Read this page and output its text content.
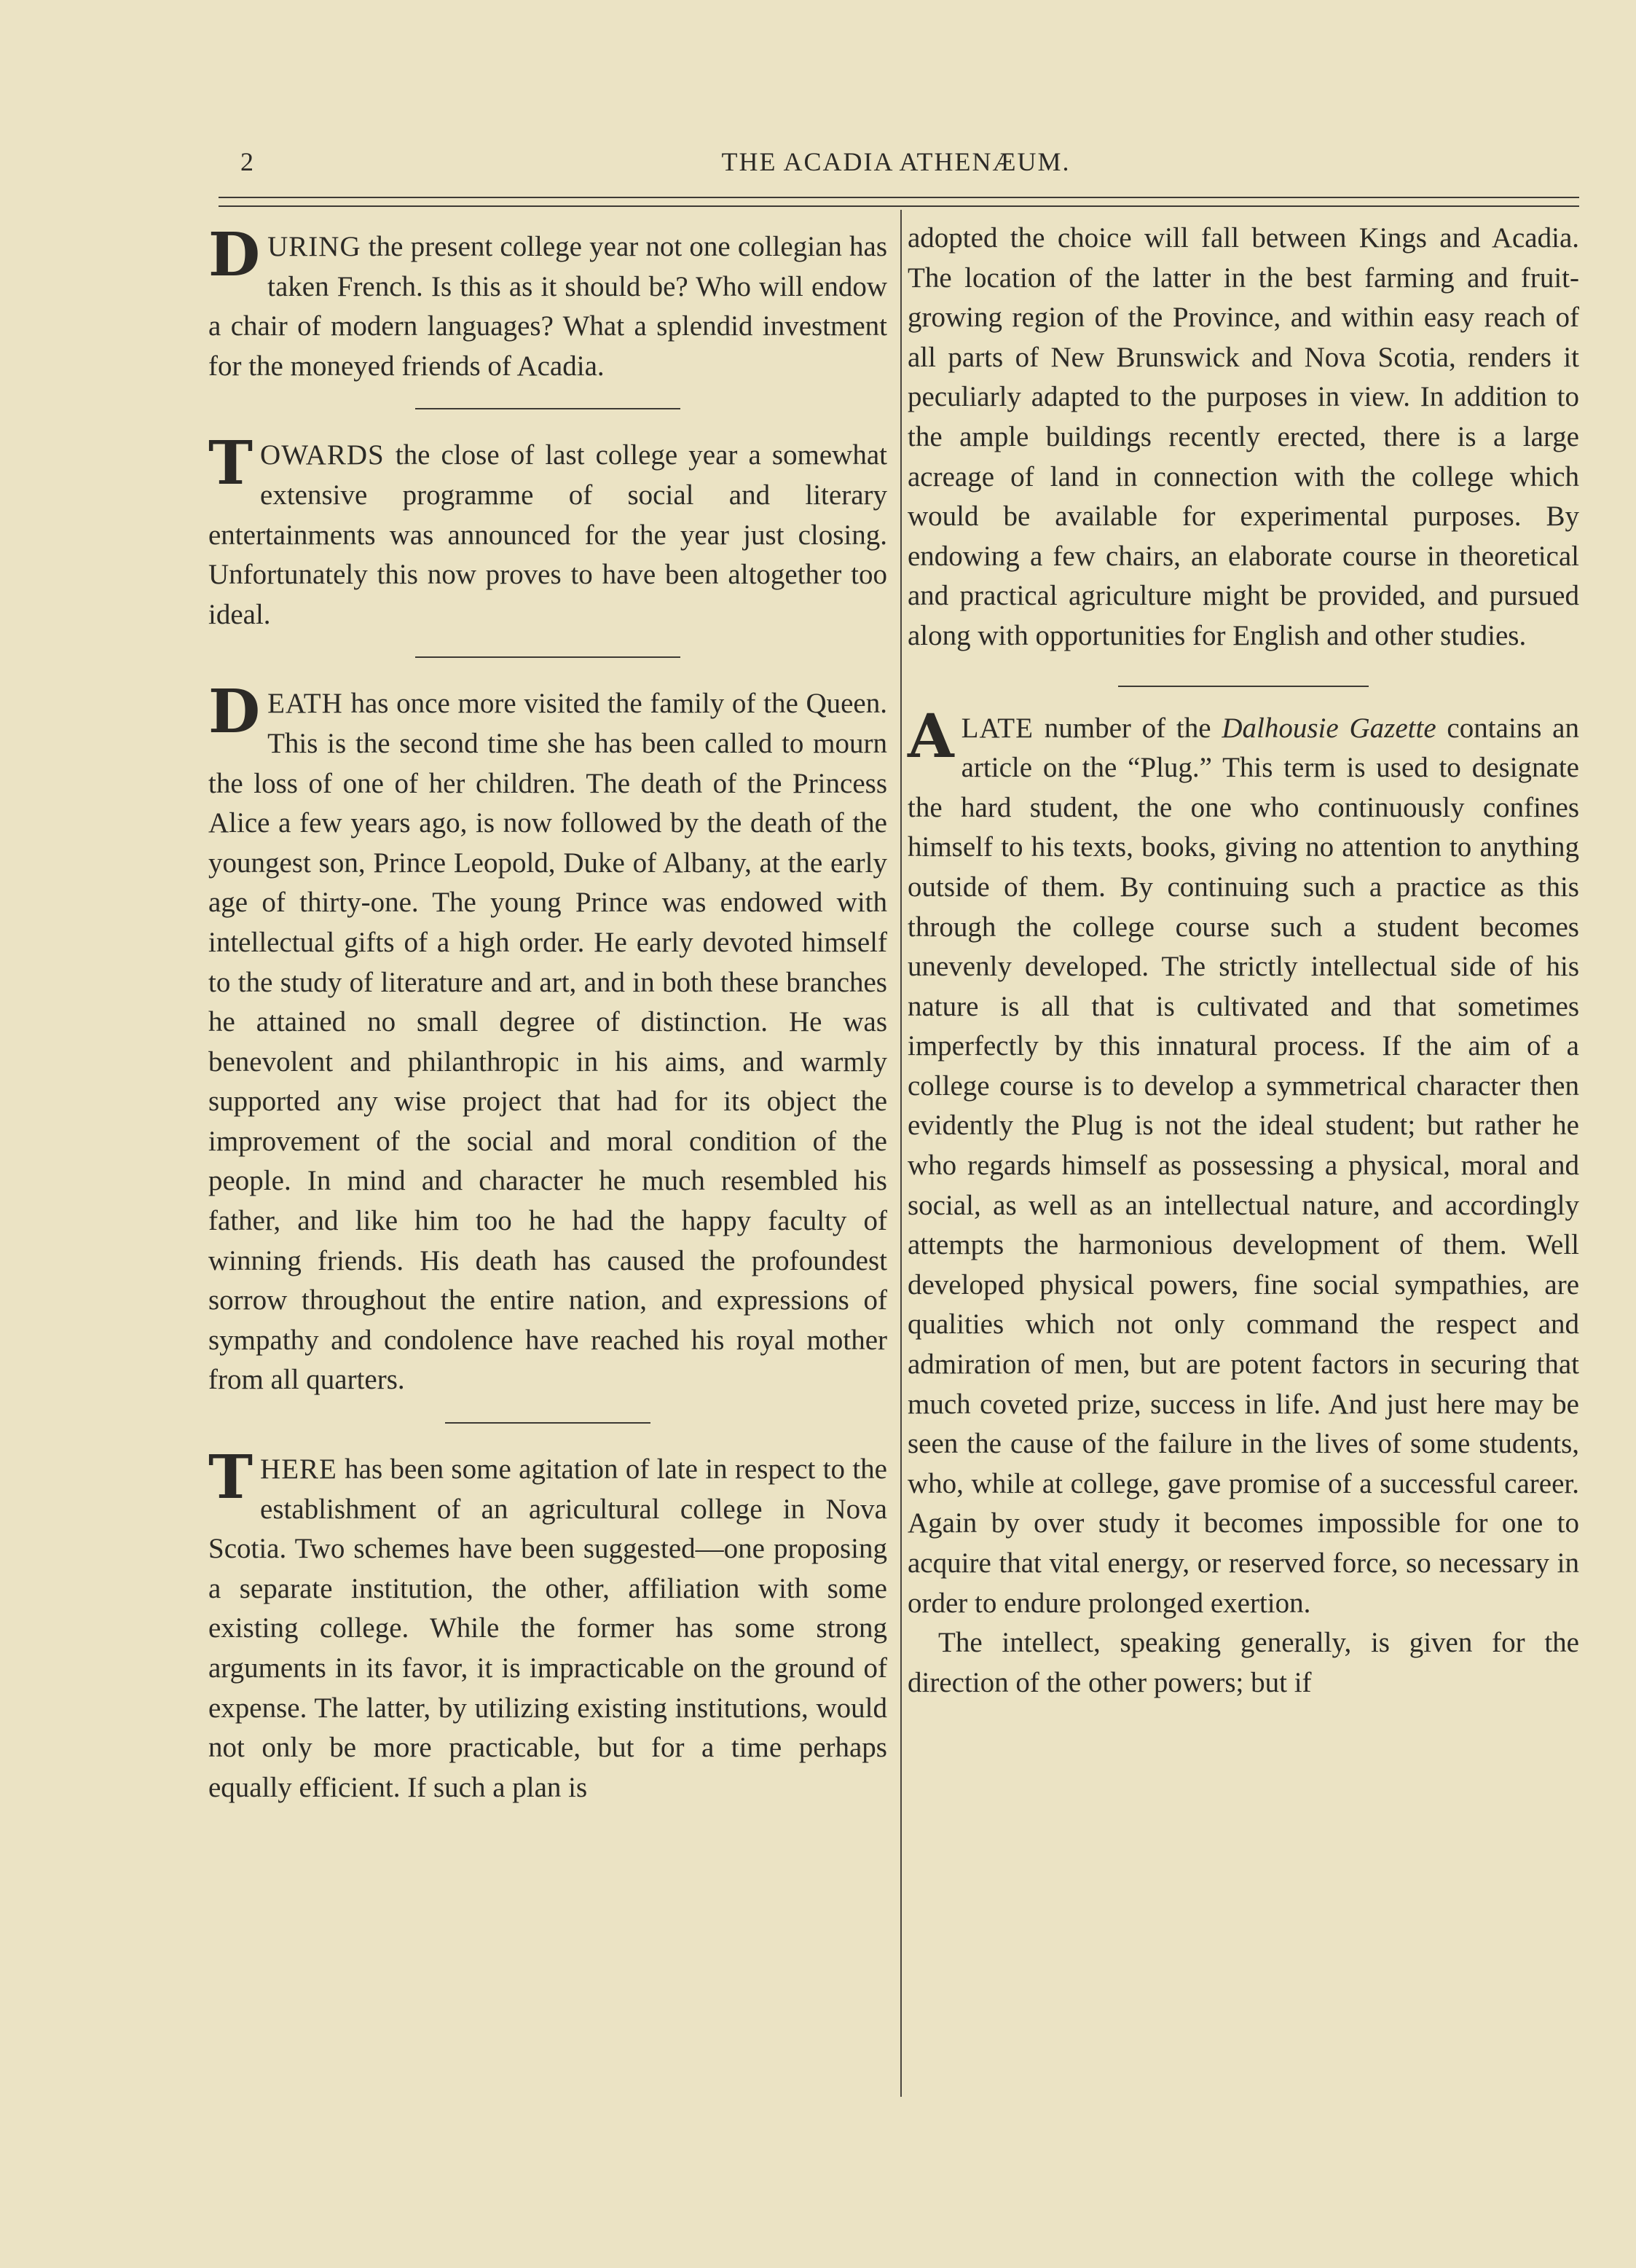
2	THE ACADIA ATHENÆUM.

DURING the present college year not one collegian has taken French. Is this as it should be? Who will endow a chair of modern languages? What a splendid investment for the moneyed friends of Acadia.

TOWARDS the close of last college year a somewhat extensive programme of social and literary entertainments was announced for the year just closing. Unfortunately this now proves to have been altogether too ideal.

DEATH has once more visited the family of the Queen. This is the second time she has been called to mourn the loss of one of her children. The death of the Princess Alice a few years ago, is now followed by the death of the youngest son, Prince Leopold, Duke of Albany, at the early age of thirty-one. The young Prince was endowed with intellectual gifts of a high order. He early devoted himself to the study of literature and art, and in both these branches he attained no small degree of distinction. He was benevolent and philanthropic in his aims, and warmly supported any wise project that had for its object the improvement of the social and moral condition of the people. In mind and character he much resembled his father, and like him too he had the happy faculty of winning friends. His death has caused the profoundest sorrow throughout the entire nation, and expressions of sympathy and condolence have reached his royal mother from all quarters.

THERE has been some agitation of late in respect to the establishment of an agricultural college in Nova Scotia. Two schemes have been suggested—one proposing a separate institution, the other, affiliation with some existing college. While the former has some strong arguments in its favor, it is impracticable on the ground of expense. The latter, by utilizing existing institutions, would not only be more practicable, but for a time perhaps equally efficient. If such a plan is

adopted the choice will fall between Kings and Acadia. The location of the latter in the best farming and fruit-growing region of the Province, and within easy reach of all parts of New Brunswick and Nova Scotia, renders it peculiarly adapted to the purposes in view. In addition to the ample buildings recently erected, there is a large acreage of land in connection with the college which would be available for experimental purposes. By endowing a few chairs, an elaborate course in theoretical and practical agriculture might be provided, and pursued along with opportunities for English and other studies.

ALATE number of the Dalhousie Gazette contains an article on the “Plug.” This term is used to designate the hard student, the one who continuously confines himself to his texts, books, giving no attention to anything outside of them. By continuing such a practice as this through the college course such a student becomes unevenly developed. The strictly intellectual side of his nature is all that is cultivated and that sometimes imperfectly by this innatural process. If the aim of a college course is to develop a symmetrical character then evidently the Plug is not the ideal student; but rather he who regards himself as possessing a physical, moral and social, as well as an intellectual nature, and accordingly attempts the harmonious development of them. Well developed physical powers, fine social sympathies, are qualities which not only command the respect and admiration of men, but are potent factors in securing that much coveted prize, success in life. And just here may be seen the cause of the failure in the lives of some students, who, while at college, gave promise of a successful career. Again by over study it becomes impossible for one to acquire that vital energy, or reserved force, so necessary in order to endure prolonged exertion.

The intellect, speaking generally, is given for the direction of the other powers; but if
